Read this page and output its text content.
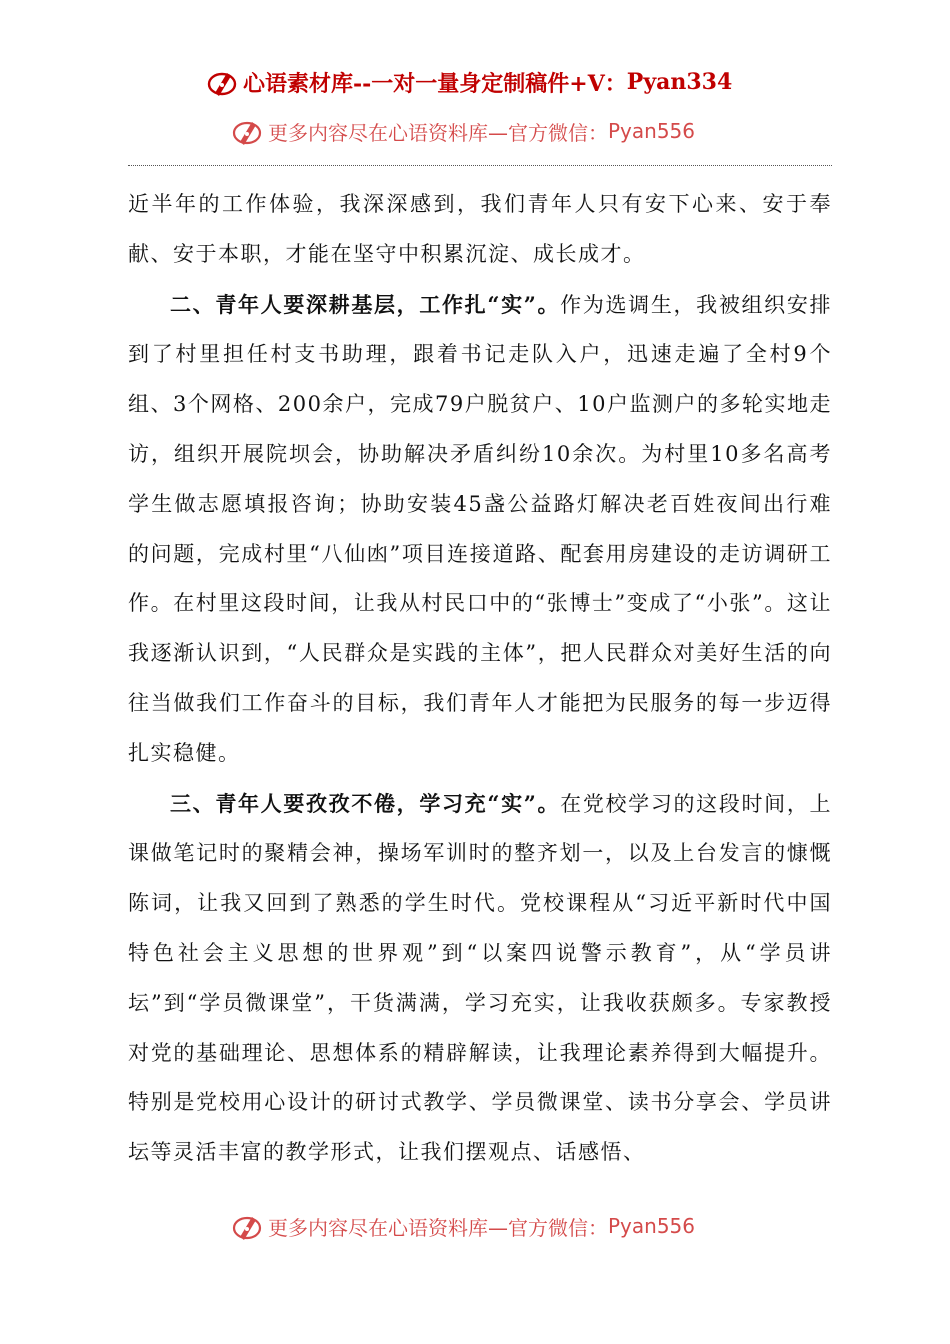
心语素材库 --一对一量身定制稿件+V： Pyan334
更多内容尽在心语资料库—官方微信： Pyan556

近半年的工作体验，我深深感到，我们青年人只有安下心来、安于奉献、安于本职，才能在坚守中积累沉淀、成长成才。

二、青年人要深耕基层，工作扎“实”。作为选调生，我被组织安排到了村里担任村支书助理，跟着书记走队入户，迅速走遍了全村9个组、3个网格、200余户，完成79户脱贫户、10户监测户的多轮实地走访，组织开展院坝会，协助解决矛盾纠纷10余次。为村里10多名高考学生做志愿填报咨询；协助安装45盏公益路灯解决老百姓夜间出行难的问题，完成村里“八仙凼”项目连接道路、配套用房建设的走访调研工作。在村里这段时间，让我从村民口中的“张博士”变成了“小张”。这让我逐渐认识到，“人民群众是实践的主体”，把人民群众对美好生活的向往当做我们工作奋斗的目标，我们青年人才能把为民服务的每一步迈得扎实稳健。

三、青年人要孜孜不倦，学习充“实”。在党校学习的这段时间，上课做笔记时的聚精会神，操场军训时的整齐划一，以及上台发言的慷慨陈词，让我又回到了熟悉的学生时代。党校课程从“习近平新时代中国特色社会主义思想的世界观”到“以案四说警示教育”，从“学员讲坛”到“学员微课堂”，干货满满，学习充实，让我收获颇多。专家教授对党的基础理论、思想体系的精辟解读，让我理论素养得到大幅提升。特别是党校用心设计的研讨式教学、学员微课堂、读书分享会、学员讲坛等灵活丰富的教学形式，让我们摆观点、话感悟、

更多内容尽在心语资料库—官方微信： Pyan556
